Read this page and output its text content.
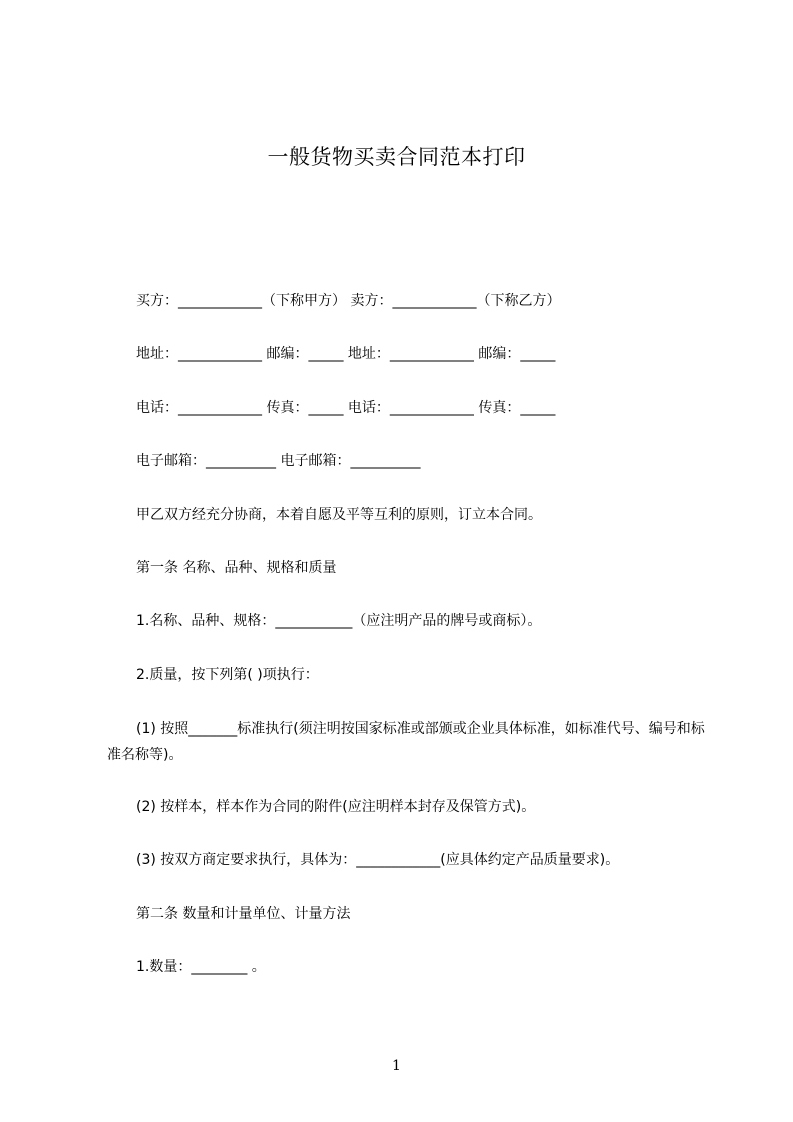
一般货物买卖合同范本打印

买方：____________（下称甲方） 卖方：____________（下称乙方）

地址：____________ 邮编：_____ 地址：____________ 邮编：_____

电话：____________ 传真：_____ 电话：____________ 传真：_____

电子邮箱：__________ 电子邮箱：__________

甲乙双方经充分协商，本着自愿及平等互利的原则，订立本合同。

第一条 名称、品种、规格和质量

1.名称、品种、规格：___________（应注明产品的牌号或商标）。

2.质量，按下列第( )项执行：

(1) 按照_______标准执行(须注明按国家标准或部颁或企业具体标准，如标准代号、编号和标准名称等)。

(2) 按样本，样本作为合同的附件(应注明样本封存及保管方式)。

(3) 按双方商定要求执行，具体为：____________(应具体约定产品质量要求)。

第二条 数量和计量单位、计量方法

1.数量：________ 。

1
